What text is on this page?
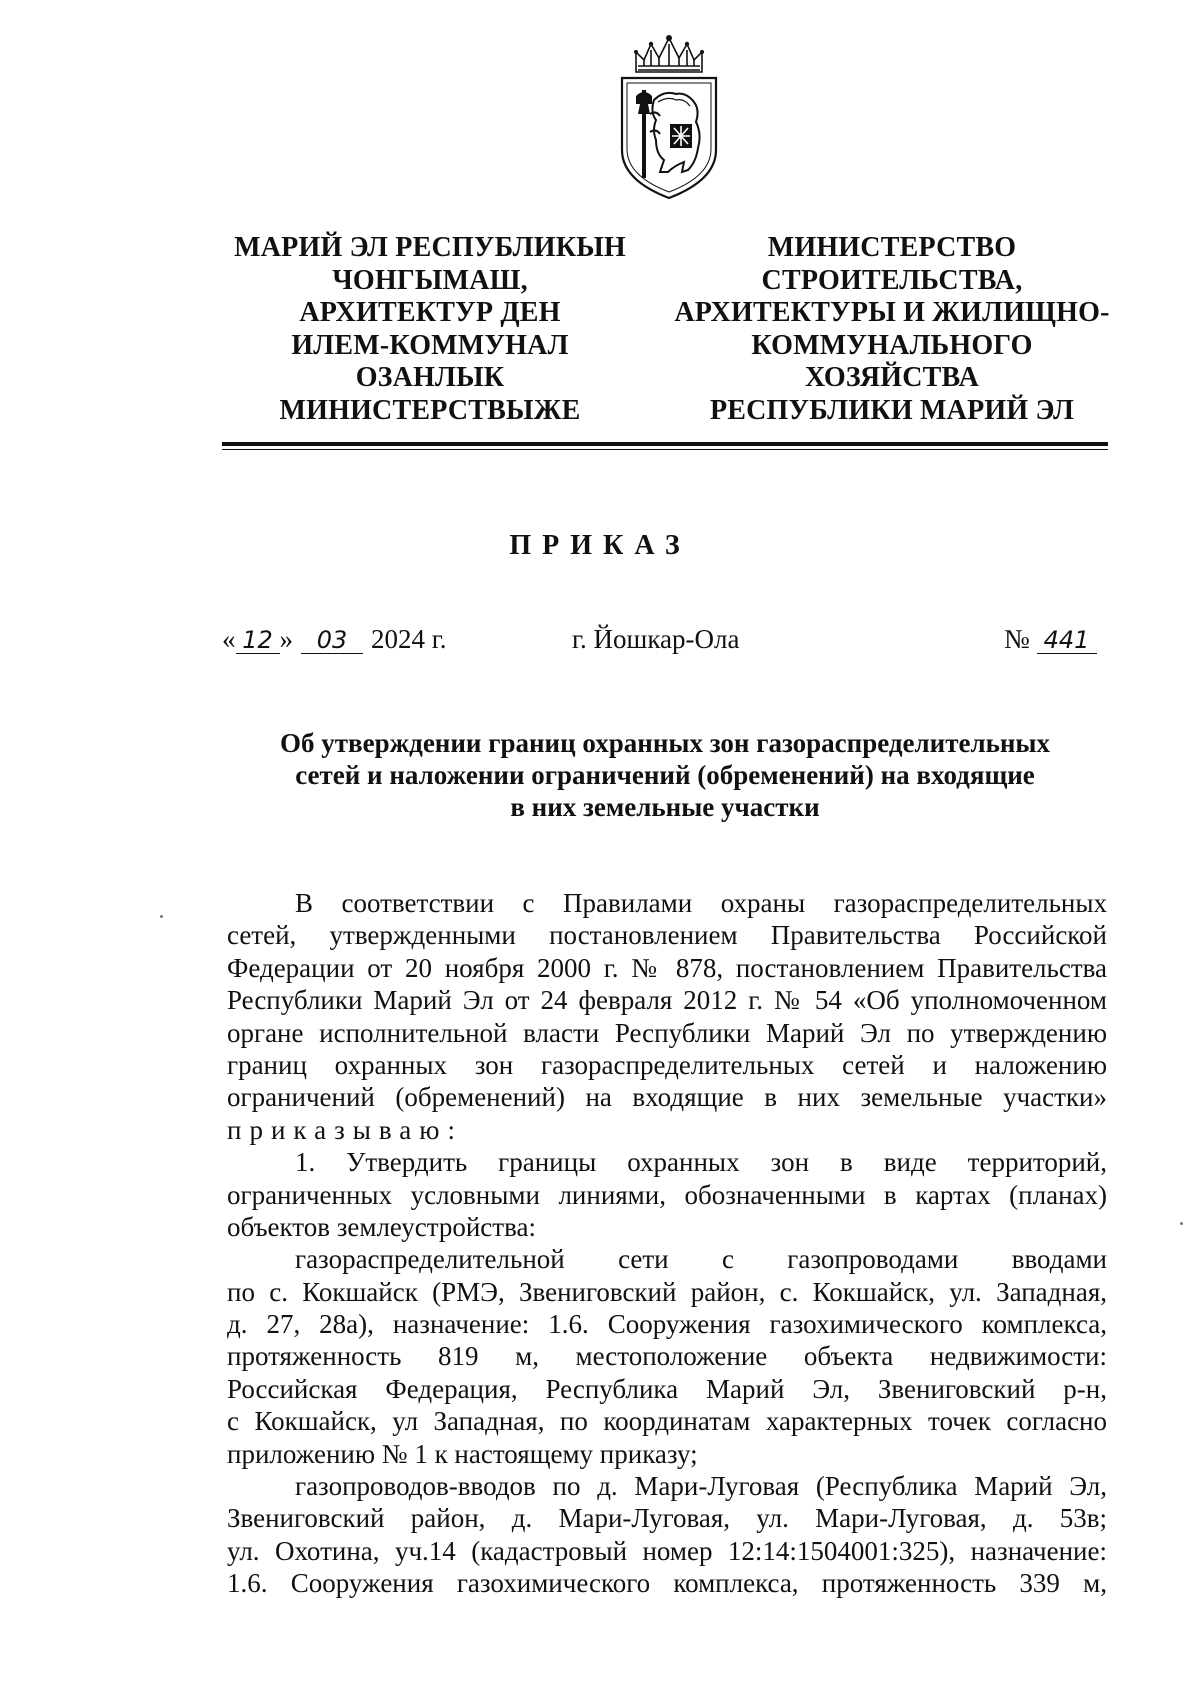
МАРИЙ ЭЛ РЕСПУБЛИКЫН
ЧОНГЫМАШ,
АРХИТЕКТУР ДЕН
ИЛЕМ-КОММУНАЛ
ОЗАНЛЫК
МИНИСТЕРСТВЫЖЕ
МИНИСТЕРСТВО
СТРОИТЕЛЬСТВА,
АРХИТЕКТУРЫ И ЖИЛИЩНО-
КОММУНАЛЬНОГО
ХОЗЯЙСТВА
РЕСПУБЛИКИ МАРИЙ ЭЛ
ПРИКАЗ
« 12 » 03 2024 г.	г. Йошкар-Ола	№ 441
Об утверждении границ охранных зон газораспределительных
сетей и наложении ограничений (обременений) на входящие
в них земельные участки
В соответствии с Правилами охраны газораспределительных
сетей, утвержденными постановлением Правительства Российской
Федерации от 20 ноября 2000 г. № 878, постановлением Правительства
Республики Марий Эл от 24 февраля 2012 г. № 54 «Об уполномоченном
органе исполнительной власти Республики Марий Эл по утверждению
границ охранных зон газораспределительных сетей и наложению
ограничений (обременений) на входящие в них земельные участки»
приказываю:
1. Утвердить границы охранных зон в виде территорий,
ограниченных условными линиями, обозначенными в картах (планах)
объектов землеустройства:
газораспределительной сети с газопроводами вводами
по с. Кокшайск (РМЭ, Звениговский район, с. Кокшайск, ул. Западная,
д. 27, 28а), назначение: 1.6. Сооружения газохимического комплекса,
протяженность 819 м, местоположение объекта недвижимости:
Российская Федерация, Республика Марий Эл, Звениговский р-н,
с Кокшайск, ул Западная, по координатам характерных точек согласно
приложению № 1 к настоящему приказу;
газопроводов-вводов по д. Мари-Луговая (Республика Марий Эл,
Звениговский район, д. Мари-Луговая, ул. Мари-Луговая, д. 53в;
ул. Охотина, уч.14 (кадастровый номер 12:14:1504001:325), назначение:
1.6. Сооружения газохимического комплекса, протяженность 339 м,
